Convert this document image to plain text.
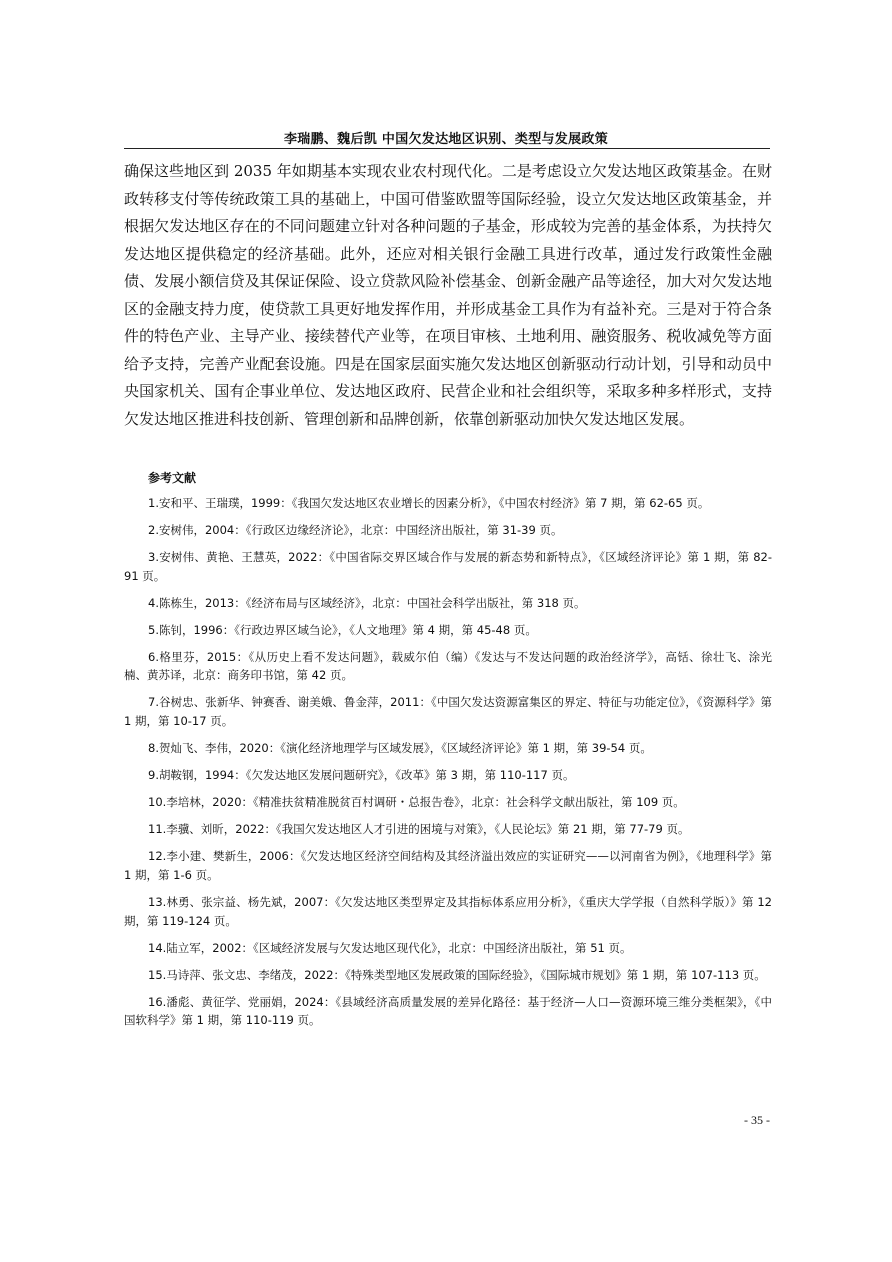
李瑞鹏、魏后凯 中国欠发达地区识别、类型与发展政策

确保这些地区到 2035 年如期基本实现农业农村现代化。二是考虑设立欠发达地区政策基金。在财政转移支付等传统政策工具的基础上，中国可借鉴欧盟等国际经验，设立欠发达地区政策基金，并根据欠发达地区存在的不同问题建立针对各种问题的子基金，形成较为完善的基金体系，为扶持欠发达地区提供稳定的经济基础。此外，还应对相关银行金融工具进行改革，通过发行政策性金融债、发展小额信贷及其保证保险、设立贷款风险补偿基金、创新金融产品等途径，加大对欠发达地区的金融支持力度，使贷款工具更好地发挥作用，并形成基金工具作为有益补充。三是对于符合条件的特色产业、主导产业、接续替代产业等，在项目审核、土地利用、融资服务、税收减免等方面给予支持，完善产业配套设施。四是在国家层面实施欠发达地区创新驱动行动计划，引导和动员中央国家机关、国有企事业单位、发达地区政府、民营企业和社会组织等，采取多种多样形式，支持欠发达地区推进科技创新、管理创新和品牌创新，依靠创新驱动加快欠发达地区发展。

参考文献
1.安和平、王瑞璞，1999：《我国欠发达地区农业增长的因素分析》，《中国农村经济》第 7 期，第 62-65 页。
2.安树伟，2004：《行政区边缘经济论》，北京：中国经济出版社，第 31-39 页。
3.安树伟、黄艳、王慧英，2022：《中国省际交界区域合作与发展的新态势和新特点》，《区域经济评论》第 1 期，第 82-91 页。
4.陈栋生，2013：《经济布局与区域经济》，北京：中国社会科学出版社，第 318 页。
5.陈钊，1996：《行政边界区域刍论》，《人文地理》第 4 期，第 45-48 页。
6.格里芬，2015：《从历史上看不发达问题》，载威尔伯（编）《发达与不发达问题的政治经济学》，高铦、徐壮飞、涂光楠、黄苏译，北京：商务印书馆，第 42 页。
7.谷树忠、张新华、钟赛香、谢美娥、鲁金萍，2011：《中国欠发达资源富集区的界定、特征与功能定位》，《资源科学》第 1 期，第 10-17 页。
8.贺灿飞、李伟，2020：《演化经济地理学与区域发展》，《区域经济评论》第 1 期，第 39-54 页。
9.胡鞍钢，1994：《欠发达地区发展问题研究》，《改革》第 3 期，第 110-117 页。
10.李培林，2020：《精准扶贫精准脱贫百村调研・总报告卷》，北京：社会科学文献出版社，第 109 页。
11.李骥、刘昕，2022：《我国欠发达地区人才引进的困境与对策》，《人民论坛》第 21 期，第 77-79 页。
12.李小建、樊新生，2006：《欠发达地区经济空间结构及其经济溢出效应的实证研究——以河南省为例》，《地理科学》第 1 期，第 1-6 页。
13.林勇、张宗益、杨先斌，2007：《欠发达地区类型界定及其指标体系应用分析》，《重庆大学学报（自然科学版）》第 12 期，第 119-124 页。
14.陆立军，2002：《区域经济发展与欠发达地区现代化》，北京：中国经济出版社，第 51 页。
15.马诗萍、张文忠、李绪茂，2022：《特殊类型地区发展政策的国际经验》，《国际城市规划》第 1 期，第 107-113 页。
16.潘彪、黄征学、党丽娟，2024：《县域经济高质量发展的差异化路径：基于经济—人口—资源环境三维分类框架》，《中国软科学》第 1 期，第 110-119 页。
- 35 -
